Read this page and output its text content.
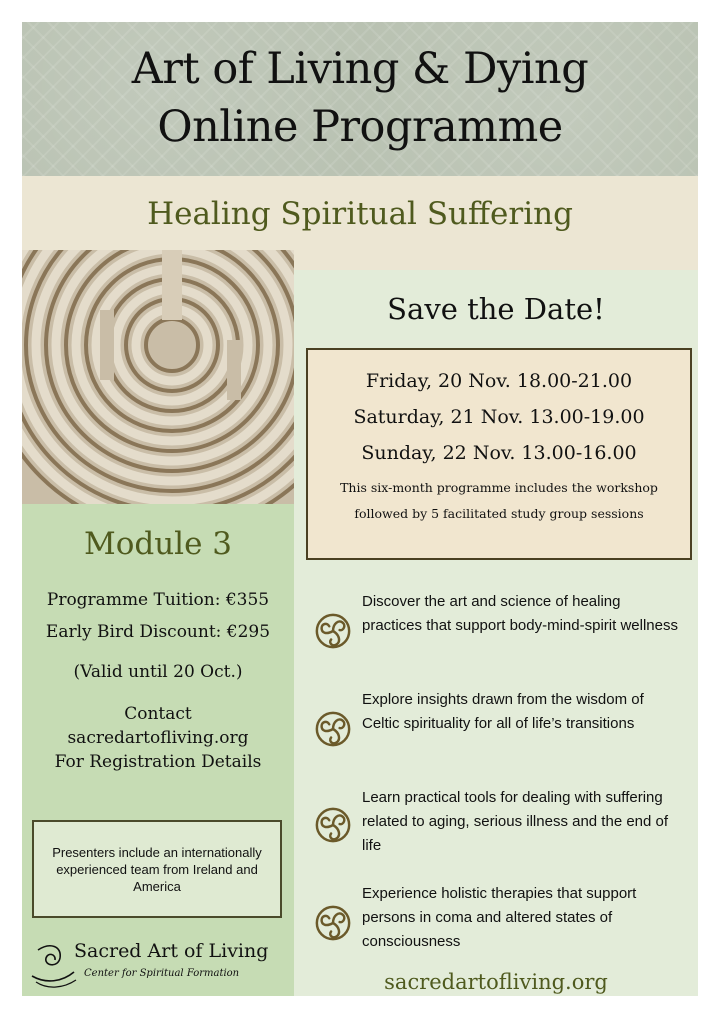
Art of Living & Dying
Online Programme
Healing Spiritual Suffering
Module 3
Programme Tuition: €355
Early Bird Discount: €295
(Valid until 20 Oct.)
Contact
sacredartofliving.org
For Registration Details
Presenters include an internationally experienced team from Ireland and America
Sacred Art of Living
Center for Spiritual Formation
Save the Date!
Friday, 20 Nov. 18.00-21.00
Saturday, 21 Nov. 13.00-19.00
Sunday, 22 Nov. 13.00-16.00
This six-month programme includes the workshop
followed by 5 facilitated study group sessions
Discover the art and science of healing practices that support body-mind-spirit wellness
Explore insights drawn from the wisdom of Celtic spirituality for all of life’s transitions
Learn practical tools for dealing with suffering related to aging, serious illness and the end of life
Experience holistic therapies that support persons in coma and altered states of consciousness
sacredartofliving.org
